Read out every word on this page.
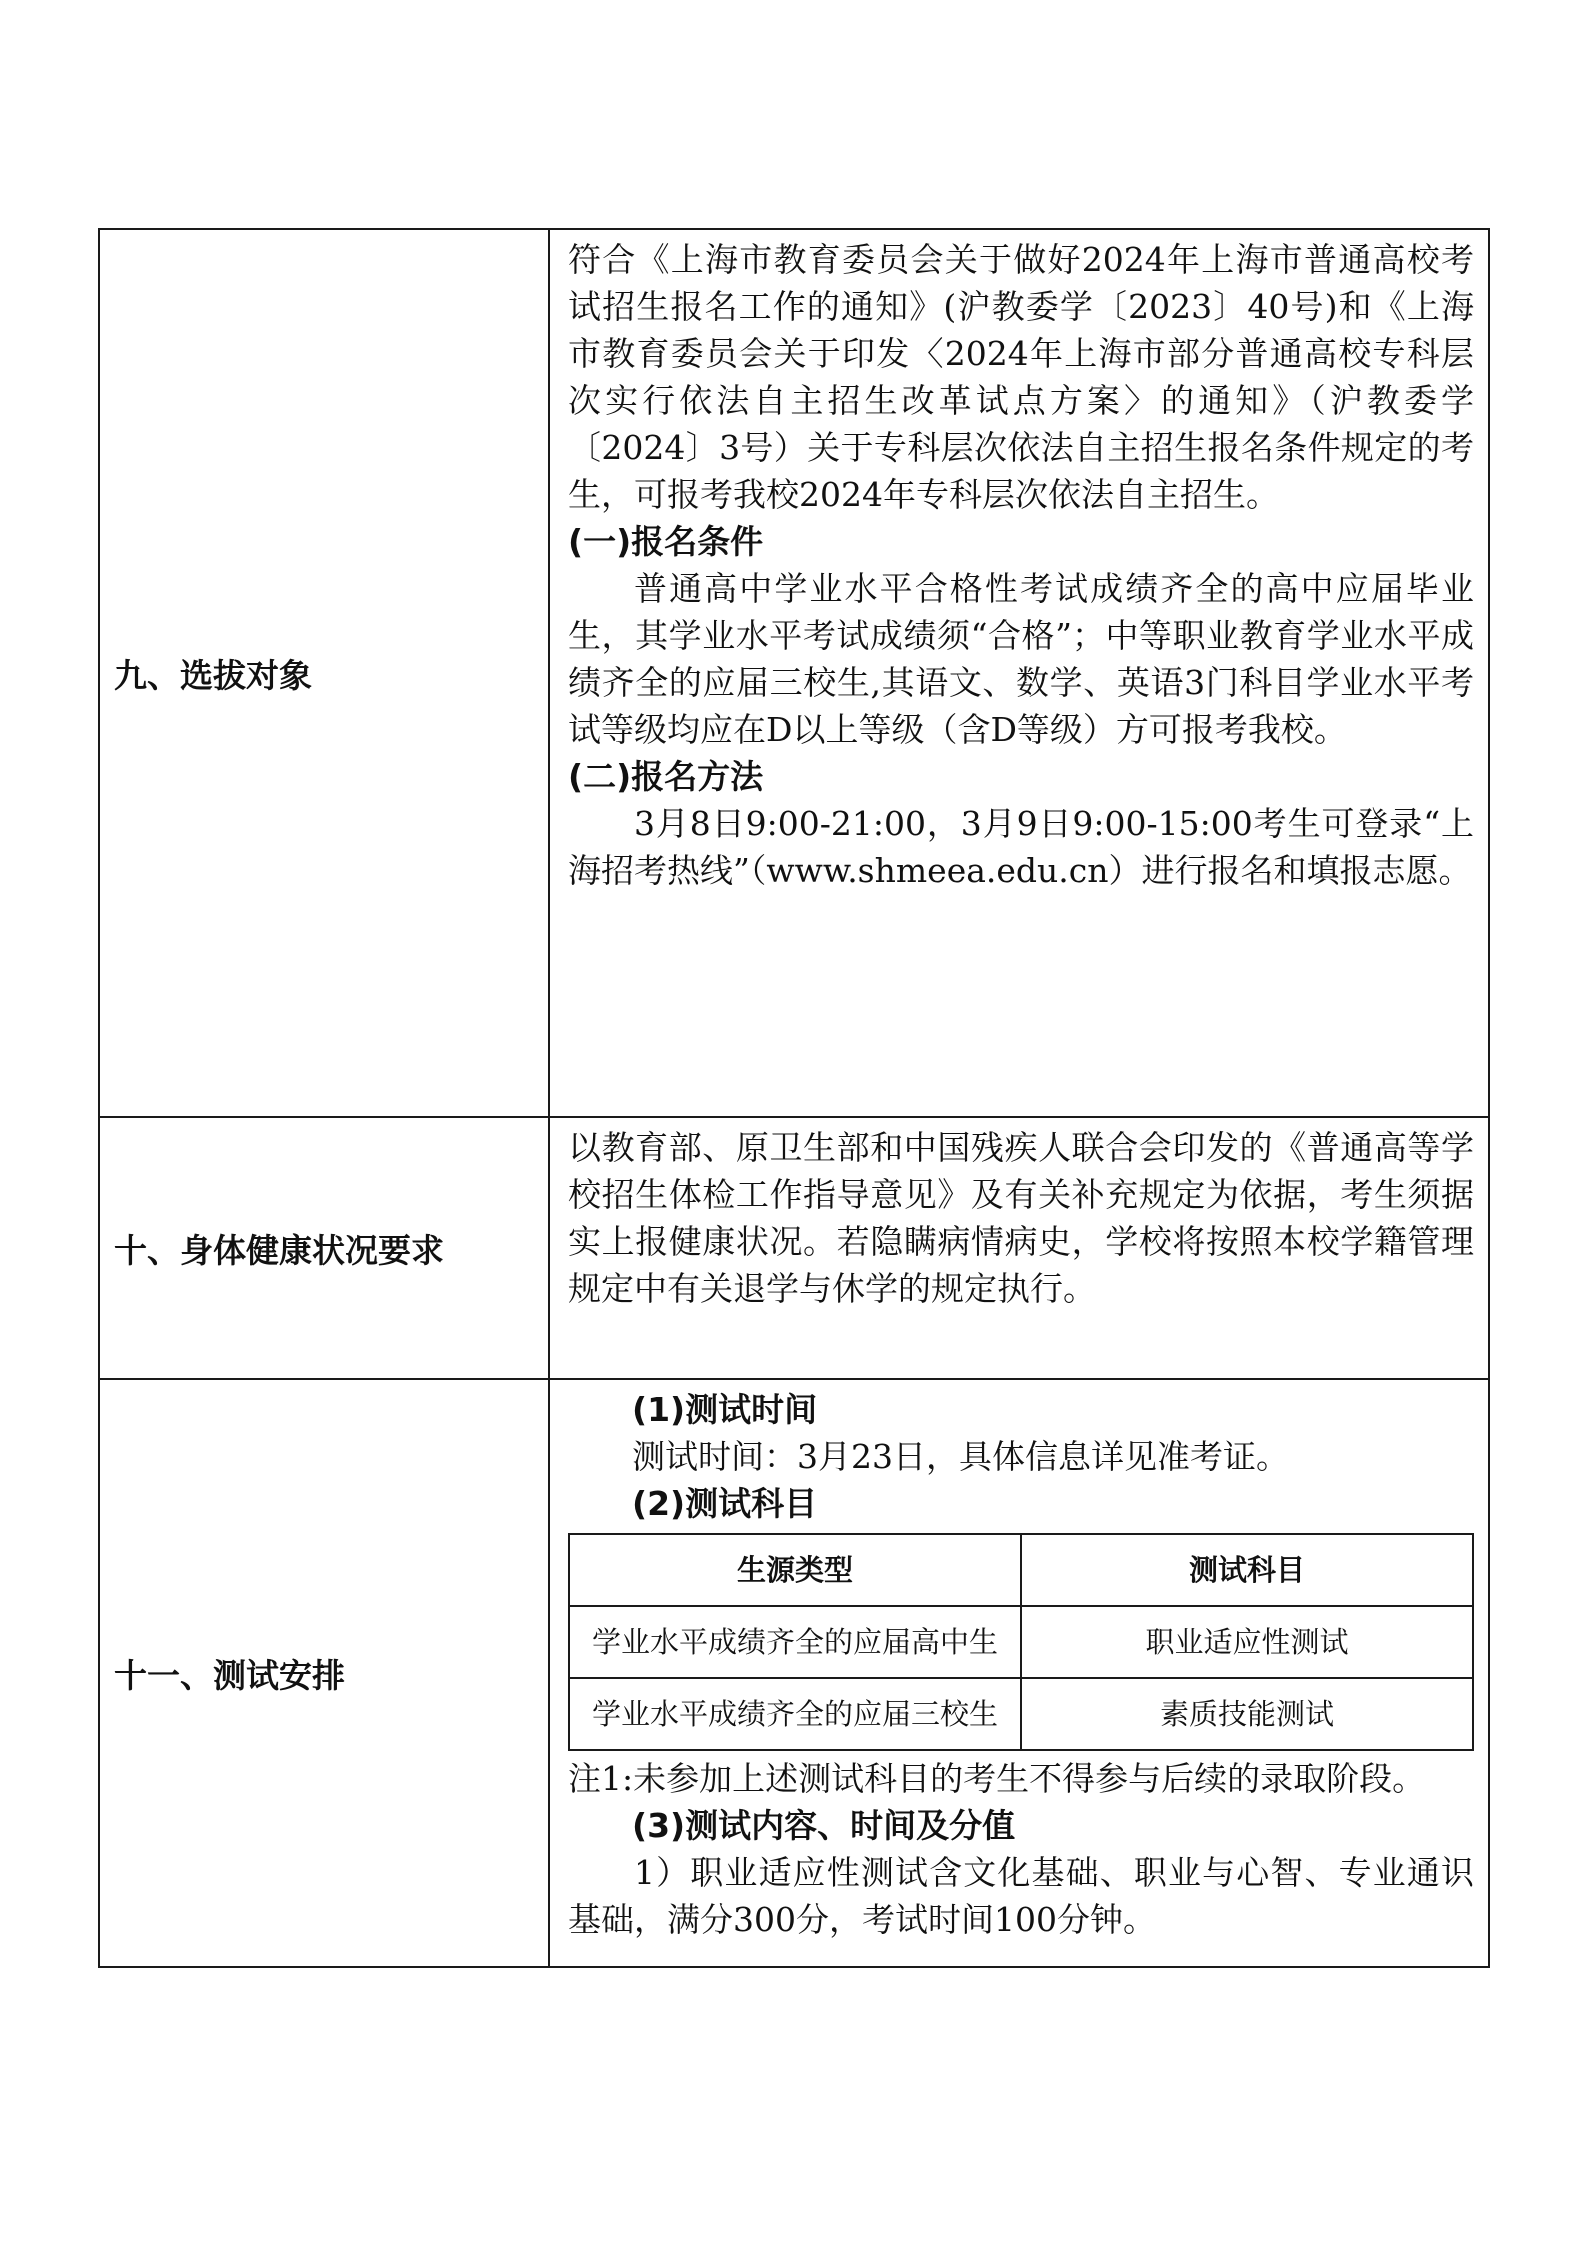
九、选拔对象	

符合《上海市教育委员会关于做好2024年上海市普通高校考试招生报名工作的通知》(沪教委学〔2023〕40号)和《上海市教育委员会关于印发〈2024年上海市部分普通高校专科层次实行依法自主招生改革试点方案〉的通知》（沪教委学〔2024〕3号）关于专科层次依法自主招生报名条件规定的考生，可报考我校2024年专科层次依法自主招生。

(一)报名条件

普通高中学业水平合格性考试成绩齐全的高中应届毕业生，其学业水平考试成绩须“合格”；中等职业教育学业水平成绩齐全的应届三校生,其语文、数学、英语3门科目学业水平考试等级均应在D以上等级（含D等级）方可报考我校。

(二)报名方法

3月8日9:00-21:00，3月9日9:00-15:00考生可登录“上海招考热线”（www.shmeea.edu.cn）进行报名和填报志愿。

十、身体健康状况要求	

以教育部、原卫生部和中国残疾人联合会印发的《普通高等学校招生体检工作指导意见》及有关补充规定为依据，考生须据实上报健康状况。若隐瞒病情病史，学校将按照本校学籍管理规定中有关退学与休学的规定执行。

十一、测试安排	

(1)测试时间

测试时间：3月23日，具体信息详见准考证。

(2)测试科目

生源类型	测试科目
学业水平成绩齐全的应届高中生	职业适应性测试
学业水平成绩齐全的应届三校生	素质技能测试

注1:未参加上述测试科目的考生不得参与后续的录取阶段。

(3)测试内容、时间及分值

1）职业适应性测试含文化基础、职业与心智、专业通识基础，满分300分，考试时间100分钟。
